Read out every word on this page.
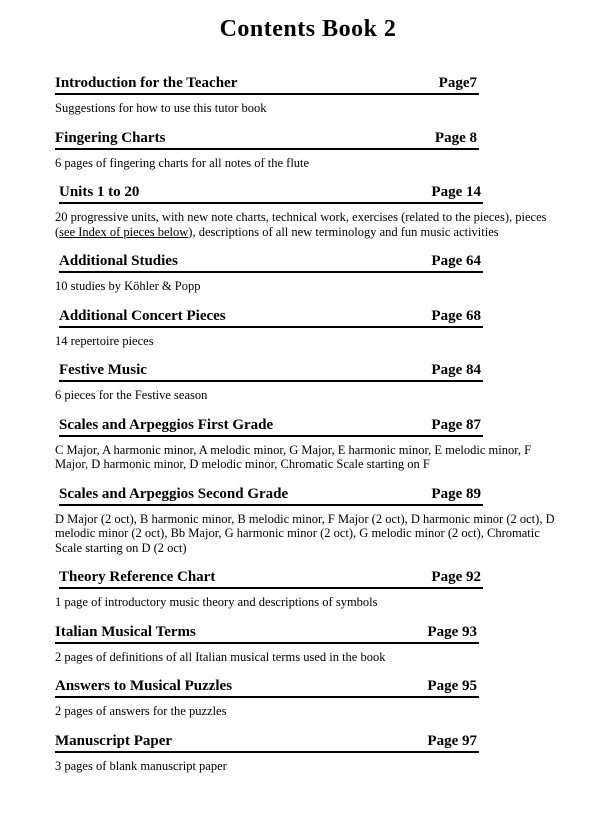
Contents Book 2
Introduction for the Teacher	Page7

Suggestions for how to use this tutor book

Fingering Charts	Page 8

6 pages of fingering charts for all notes of the flute

Units 1 to 20	Page 14

20 progressive units, with new note charts, technical work, exercises (related to the pieces), pieces (see Index of pieces below), descriptions of all new terminology and fun music activities

Additional Studies	Page 64

10 studies by Köhler & Popp

Additional Concert Pieces	Page 68

14 repertoire pieces

Festive Music	Page 84

6 pieces for the Festive season

Scales and Arpeggios First Grade	Page 87

C Major, A harmonic minor, A melodic minor, G Major, E harmonic minor, E melodic minor, F Major, D harmonic minor, D melodic minor, Chromatic Scale starting on F

Scales and Arpeggios Second Grade	Page 89

D Major (2 oct), B harmonic minor, B melodic minor, F Major (2 oct), D harmonic minor (2 oct), D melodic minor (2 oct), Bb Major, G harmonic minor (2 oct), G melodic minor (2 oct), Chromatic Scale starting on D (2 oct)

Theory Reference Chart	Page 92

1 page of introductory music theory and descriptions of symbols

Italian Musical Terms	Page 93

2 pages of definitions of all Italian musical terms used in the book

Answers to Musical Puzzles	Page 95

2 pages of answers for the puzzles

Manuscript Paper	Page 97

3 pages of blank manuscript paper
